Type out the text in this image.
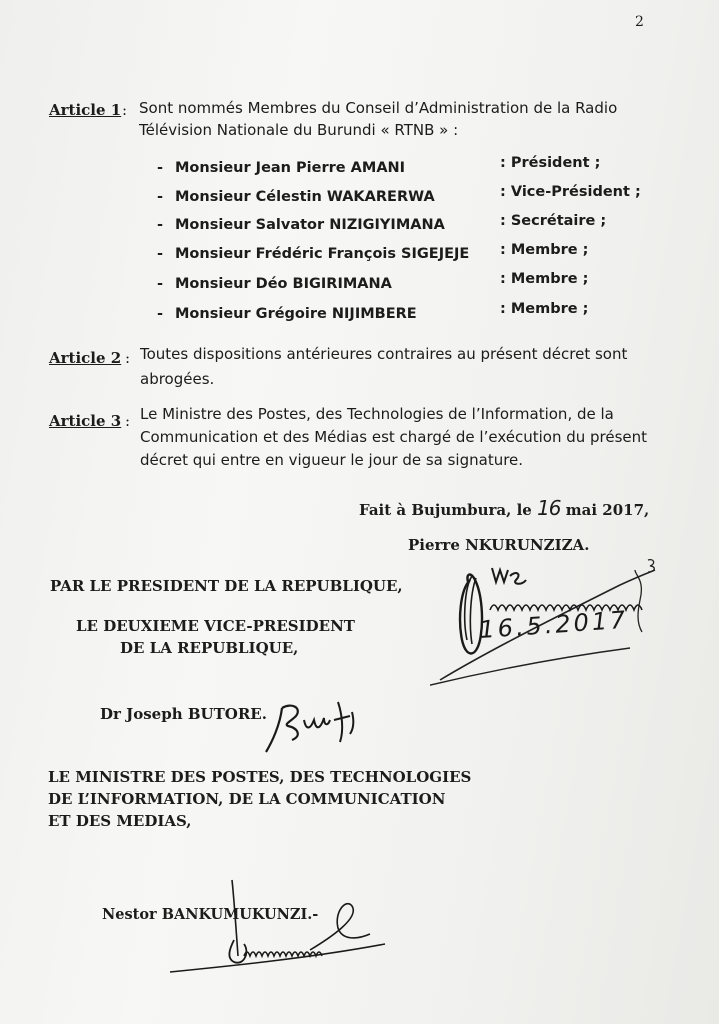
2
Article 1 : Sont nommés Membres du Conseil d’Administration de la Radio
Télévision Nationale du Burundi « RTNB » :
- Monsieur Jean Pierre AMANI	: Président ;
- Monsieur Célestin WAKARERWA	: Vice-Président ;
- Monsieur Salvator NIZIGIYIMANA	: Secrétaire ;
- Monsieur Frédéric François SIGEJEJE : Membre ;
- Monsieur Déo BIGIRIMANA	: Membre ;
- Monsieur Grégoire NIJIMBERE	: Membre ;
Article 2 : Toutes dispositions antérieures contraires au présent décret sont
abrogées.
Article 3 : Le Ministre des Postes, des Technologies de l’Information, de la
Communication et des Médias est chargé de l’exécution du présent
décret qui entre en vigueur le jour de sa signature.
Fait à Bujumbura, le 16 mai 2017,
Pierre NKURUNZIZA.
PAR LE PRESIDENT DE LA REPUBLIQUE,
LE DEUXIEME VICE-PRESIDENT
DE LA REPUBLIQUE,
Dr Joseph BUTORE.
LE MINISTRE DES POSTES, DES TECHNOLOGIES
DE L’INFORMATION, DE LA COMMUNICATION
ET DES MEDIAS,
Nestor BANKUMUKUNZI.-
16.5.2017
